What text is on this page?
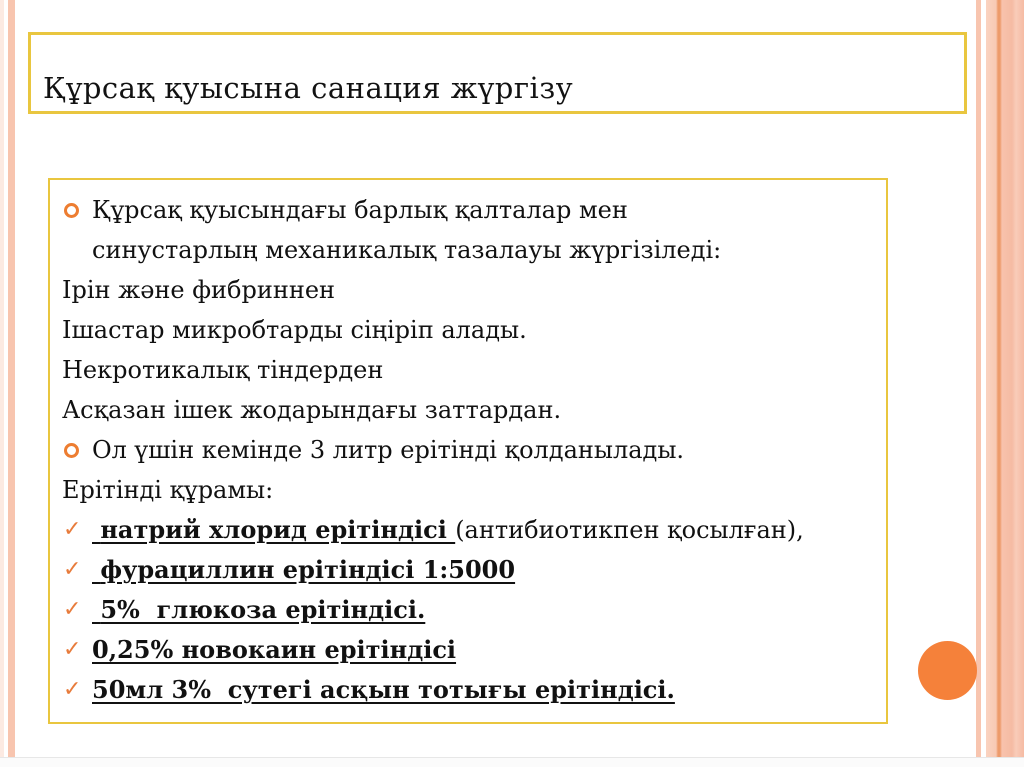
Құрсақ қуысына санация жүргізу
Құрсақ қуысындағы барлық қалталар мен синустарлың механикалық тазалауы жүргізіледі:
Ірін және фибриннен
Ішастар микробтарды сіңіріп алады.
Некротикалық тіндерден
Асқазан ішек жодарындағы заттардан.
Ол үшін кемінде 3 литр ерітінді қолданылады.
Ерітінді құрамы:
✓ натрий хлорид ерітіндісі (антибиотикпен қосылған),
✓ фурациллин ерітіндісі 1:5000
✓ 5%  глюкоза ерітіндісі.
✓ 0,25% новокаин ерітіндісі
✓ 50мл 3%  сутегі асқын тотығы ерітіндісі.
